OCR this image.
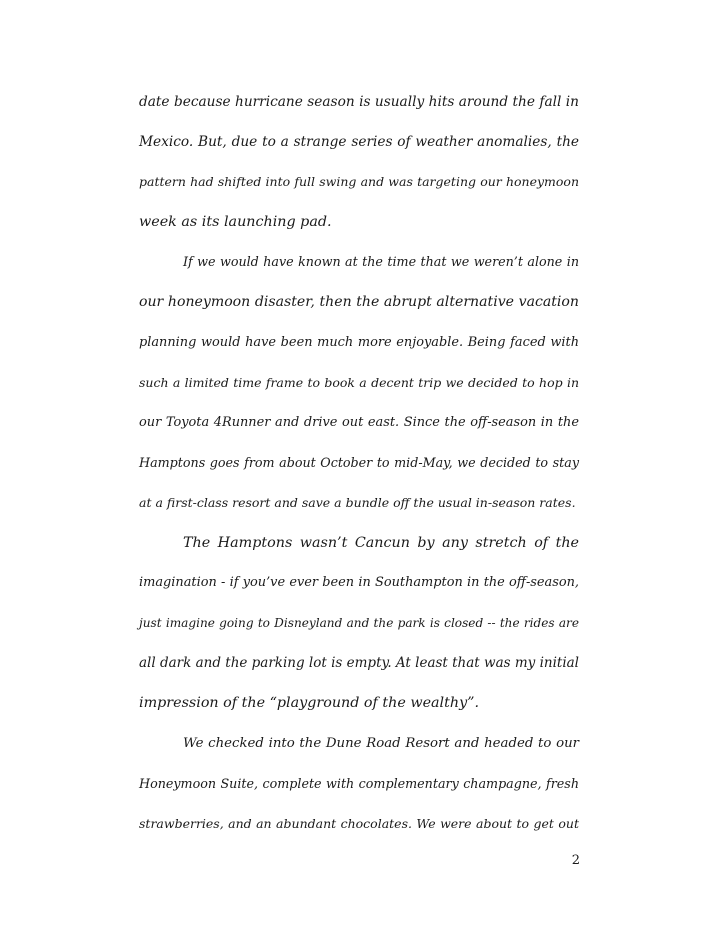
date because hurricane season is usually hits around the fall in
Mexico. But, due to a strange series of weather anomalies, the
pattern had shifted into full swing and was targeting our honeymoon
week as its launching pad.
If we would have known at the time that we weren’t alone in
our honeymoon disaster, then the abrupt alternative vacation
planning would have been much more enjoyable. Being faced with
such a limited time frame to book a decent trip we decided to hop in
our Toyota 4Runner and drive out east. Since the off-season in the
Hamptons goes from about October to mid-May, we decided to stay
at a first-class resort and save a bundle off the usual in-season rates.
The Hamptons wasn’t Cancun by any stretch of the
imagination - if you’ve ever been in Southampton in the off-season,
just imagine going to Disneyland and the park is closed -- the rides are
all dark and the parking lot is empty. At least that was my initial
impression of the “playground of the wealthy”.
We checked into the Dune Road Resort and headed to our
Honeymoon Suite, complete with complementary champagne, fresh
strawberries, and an abundant chocolates. We were about to get out
2
